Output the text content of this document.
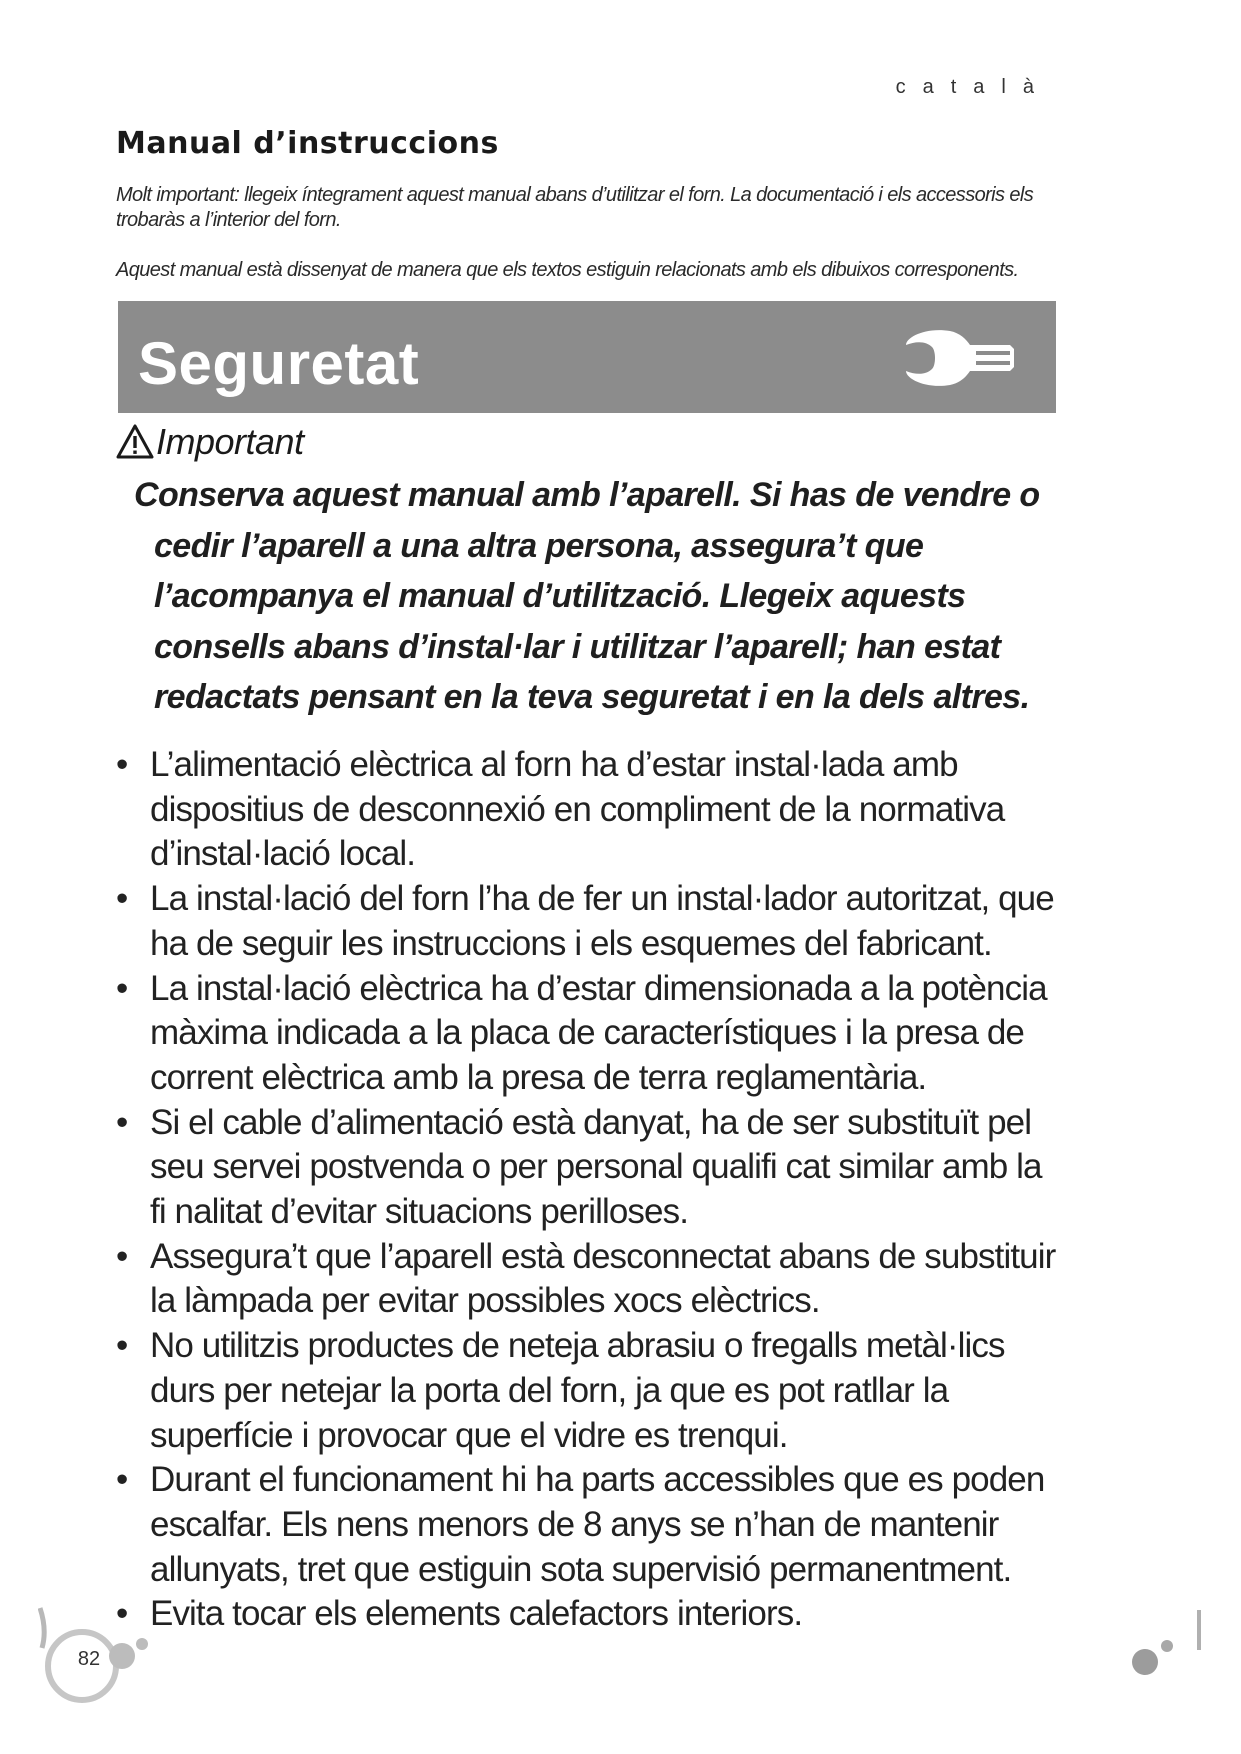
català
Manual d’instruccions

Molt important: llegeix íntegrament aquest manual abans d’utilitzar el forn. La documentació i els accessoris els trobaràs a l’interior del forn.

Aquest manual està dissenyat de manera que els textos estiguin relacionats amb els dibuixos corresponents.

Seguretat
Important

Conserva aquest manual amb l’aparell. Si has de vendre o cedir l’aparell a una altra persona, assegura’t que l’acompanya el manual d’utilització. Llegeix aquests consells abans d’instal·lar i utilitzar l’aparell; han estat redactats pensant en la teva seguretat i en la dels altres.

• L’alimentació elèctrica al forn ha d’estar instal·lada amb dispositius de desconnexió en compliment de la normativa d’instal·lació local.
• La instal·lació del forn l’ha de fer un instal·lador autoritzat, que ha de seguir les instruccions i els esquemes del fabricant.
• La instal·lació elèctrica ha d’estar dimensionada a la potència màxima indicada a la placa de característiques i la presa de corrent elèctrica amb la presa de terra reglamentària.
• Si el cable d’alimentació està danyat, ha de ser substituït pel seu servei postvenda o per personal qualifi cat similar amb la fi nalitat d’evitar situacions perilloses.
• Assegura’t que l’aparell està desconnectat abans de substituir la làmpada per evitar possibles xocs elèctrics.
• No utilitzis productes de neteja abrasiu o fregalls metàl·lics durs per netejar la porta del forn, ja que es pot ratllar la superfície i provocar que el vidre es trenqui.
• Durant el funcionament hi ha parts accessibles que es poden escalfar. Els nens menors de 8 anys se n’han de mantenir allunyats, tret que estiguin sota supervisió permanentment.
• Evita tocar els elements calefactors interiors.
82
